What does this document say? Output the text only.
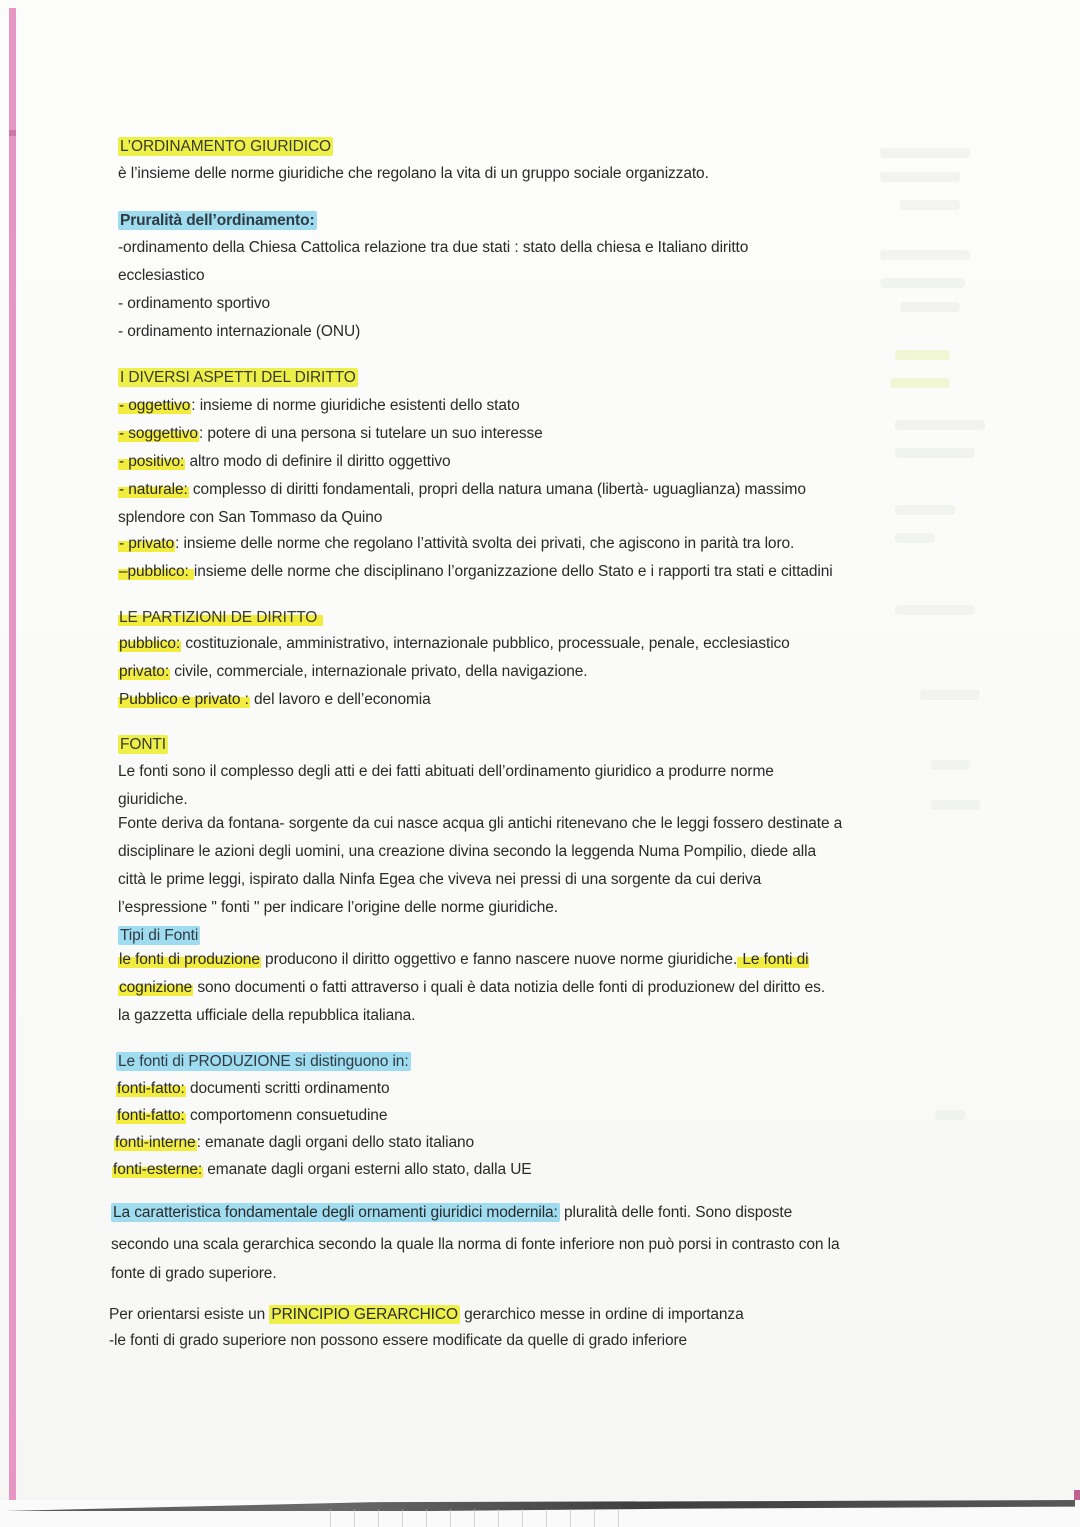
L’ORDINAMENTO GIURIDICO
è l’insieme delle norme giuridiche che regolano la vita di un gruppo sociale organizzato.
Pruralità dell’ordinamento:
-ordinamento della Chiesa Cattolica relazione tra due stati : stato della chiesa e Italiano diritto
ecclesiastico
- ordinamento sportivo
- ordinamento internazionale (ONU)
I DIVERSI ASPETTI DEL DIRITTO
- oggettivo: insieme di norme giuridiche esistenti dello stato
- soggettivo: potere di una persona si tutelare un suo interesse
- positivo: altro modo di definire il diritto oggettivo
- naturale: complesso di diritti fondamentali, propri della natura umana (libertà- uguaglianza) massimo
splendore con San Tommaso da Quino
- privato: insieme delle norme che regolano l’attività svolta dei privati, che agiscono in parità tra loro.
–pubblico: insieme delle norme che disciplinano l’organizzazione dello Stato e i rapporti tra stati e cittadini
LE PARTIZIONI DE DIRITTO
pubblico: costituzionale, amministrativo, internazionale pubblico, processuale, penale, ecclesiastico
privato: civile, commerciale, internazionale privato, della navigazione.
Pubblico e privato : del lavoro e dell’economia
FONTI
Le fonti sono il complesso degli atti e dei fatti abituati dell’ordinamento giuridico a produrre norme
giuridiche.
Fonte deriva da fontana- sorgente da cui nasce acqua gli antichi ritenevano che le leggi fossero destinate a
disciplinare le azioni degli uomini, una creazione divina secondo la leggenda Numa Pompilio, diede alla
città le prime leggi, ispirato dalla Ninfa Egea che viveva nei pressi di una sorgente da cui deriva
l’espressione " fonti " per indicare l’origine delle norme giuridiche.
Tipi di Fonti
le fonti di produzione producono il diritto oggettivo e fanno nascere nuove norme giuridiche. Le fonti di
cognizione sono documenti o fatti attraverso i quali è data notizia delle fonti di produzionew del diritto es.
la gazzetta ufficiale della repubblica italiana.
Le fonti di PRODUZIONE si distinguono in:
fonti-fatto: documenti scritti ordinamento
fonti-fatto: comportomenn consuetudine
fonti-interne: emanate dagli organi dello stato italiano
fonti-esterne: emanate dagli organi esterni allo stato, dalla UE
La caratteristica fondamentale degli ornamenti giuridici modernila: pluralità delle fonti. Sono disposte
secondo una scala gerarchica secondo la quale lla norma di fonte inferiore non può porsi in contrasto con la
fonte di grado superiore.
Per orientarsi esiste un PRINCIPIO GERARCHICO gerarchico messe in ordine di importanza
-le fonti di grado superiore non possono essere modificate da quelle di grado inferiore
